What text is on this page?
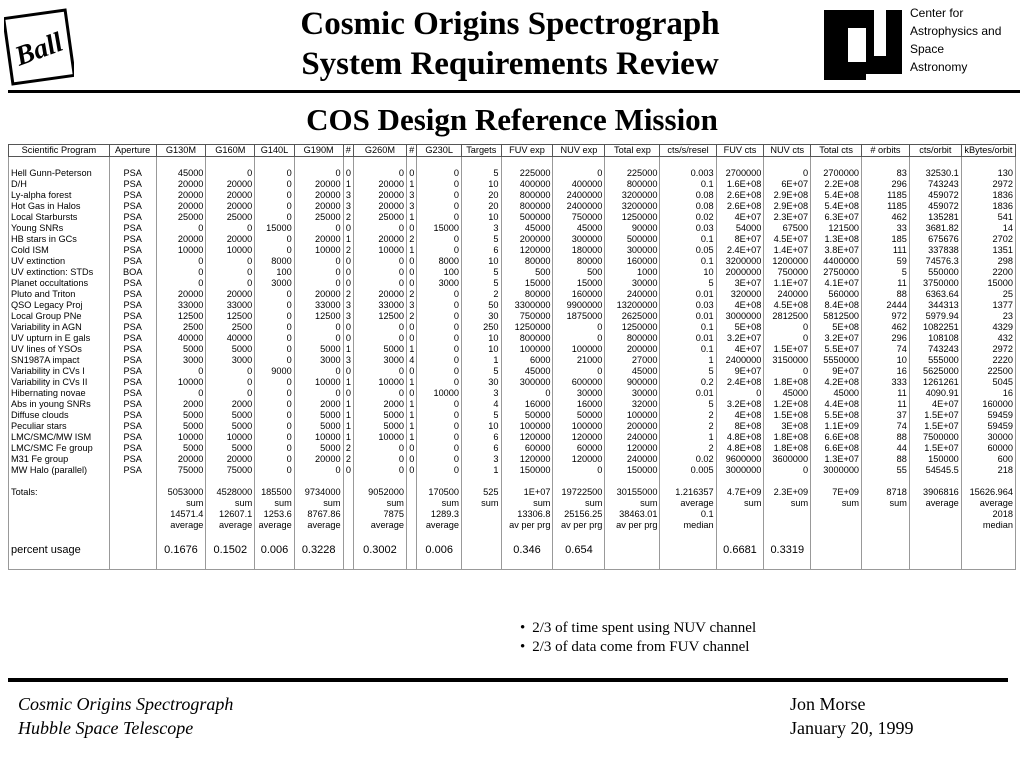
Ball
Cosmic Origins Spectrograph
System Requirements Review
Center for
Astrophysics and
Space
Astronomy
COS Design Reference Mission
Scientific Program	Aperture	G130M	G160M	G140L	G190M	#	G260M	#	G230L	Targets	FUV exp	NUV exp	Total exp	cts/s/resel	FUV cts	NUV cts	Total cts	# orbits	cts/orbit	kBytes/orbit

Hell Gunn-Peterson	PSA	45000	0	0	0	0	0	0	0	5	225000	0	225000	0.003	2700000	0	2700000	83	32530.1	130
D/H	PSA	20000	20000	0	20000	1	20000	1	0	10	400000	400000	800000	0.1	1.6E+08	6E+07	2.2E+08	296	743243	2972
Ly-alpha forest	PSA	20000	20000	0	20000	3	20000	3	0	20	800000	2400000	3200000	0.08	2.6E+08	2.9E+08	5.4E+08	1185	459072	1836
Hot Gas in Halos	PSA	20000	20000	0	20000	3	20000	3	0	20	800000	2400000	3200000	0.08	2.6E+08	2.9E+08	5.4E+08	1185	459072	1836
Local Starbursts	PSA	25000	25000	0	25000	2	25000	1	0	10	500000	750000	1250000	0.02	4E+07	2.3E+07	6.3E+07	462	135281	541
Young SNRs	PSA	0	0	15000	0	0	0	0	15000	3	45000	45000	90000	0.03	54000	67500	121500	33	3681.82	14
HB stars in GCs	PSA	20000	20000	0	20000	1	20000	2	0	5	200000	300000	500000	0.1	8E+07	4.5E+07	1.3E+08	185	675676	2702
Cold ISM	PSA	10000	10000	0	10000	2	10000	1	0	6	120000	180000	300000	0.05	2.4E+07	1.4E+07	3.8E+07	111	337838	1351
UV extinction	PSA	0	0	8000	0	0	0	0	8000	10	80000	80000	160000	0.1	3200000	1200000	4400000	59	74576.3	298
UV extinction: STDs	BOA	0	0	100	0	0	0	0	100	5	500	500	1000	10	2000000	750000	2750000	5	550000	2200
Planet occultations	PSA	0	0	3000	0	0	0	0	3000	5	15000	15000	30000	5	3E+07	1.1E+07	4.1E+07	11	3750000	15000
Pluto and Triton	PSA	20000	20000	0	20000	2	20000	2	0	2	80000	160000	240000	0.01	320000	240000	560000	88	6363.64	25
QSO Legacy Proj	PSA	33000	33000	0	33000	3	33000	3	0	50	3300000	9900000	13200000	0.03	4E+08	4.5E+08	8.4E+08	2444	344313	1377
Local Group PNe	PSA	12500	12500	0	12500	3	12500	2	0	30	750000	1875000	2625000	0.01	3000000	2812500	5812500	972	5979.94	23
Variability in AGN	PSA	2500	2500	0	0	0	0	0	0	250	1250000	0	1250000	0.1	5E+08	0	5E+08	462	1082251	4329
UV upturn in E gals	PSA	40000	40000	0	0	0	0	0	0	10	800000	0	800000	0.01	3.2E+07	0	3.2E+07	296	108108	432
UV lines of YSOs	PSA	5000	5000	0	5000	1	5000	1	0	10	100000	100000	200000	0.1	4E+07	1.5E+07	5.5E+07	74	743243	2972
SN1987A impact	PSA	3000	3000	0	3000	3	3000	4	0	1	6000	21000	27000	1	2400000	3150000	5550000	10	555000	2220
Variability in CVs I	PSA	0	0	9000	0	0	0	0	0	5	45000	0	45000	5	9E+07	0	9E+07	16	5625000	22500
Variability in CVs II	PSA	10000	0	0	10000	1	10000	1	0	30	300000	600000	900000	0.2	2.4E+08	1.8E+08	4.2E+08	333	1261261	5045
Hibernating novae	PSA	0	0	0	0	0	0	0	10000	3	0	30000	30000	0.01	0	45000	45000	11	4090.91	16
Abs in young SNRs	PSA	2000	2000	0	2000	1	2000	1	0	4	16000	16000	32000	5	3.2E+08	1.2E+08	4.4E+08	11	4E+07	160000
Diffuse clouds	PSA	5000	5000	0	5000	1	5000	1	0	5	50000	50000	100000	2	4E+08	1.5E+08	5.5E+08	37	1.5E+07	59459
Peculiar stars	PSA	5000	5000	0	5000	1	5000	1	0	10	100000	100000	200000	2	8E+08	3E+08	1.1E+09	74	1.5E+07	59459
LMC/SMC/MW ISM	PSA	10000	10000	0	10000	1	10000	1	0	6	120000	120000	240000	1	4.8E+08	1.8E+08	6.6E+08	88	7500000	30000
LMC/SMC Fe group	PSA	5000	5000	0	5000	2	0	0	0	6	60000	60000	120000	2	4.8E+08	1.8E+08	6.6E+08	44	1.5E+07	60000
M31 Fe group	PSA	20000	20000	0	20000	2	0	0	0	3	120000	120000	240000	0.02	9600000	3600000	1.3E+07	88	150000	600
MW Halo (parallel)	PSA	75000	75000	0	0	0	0	0	0	1	150000	0	150000	0.005	3000000	0	3000000	55	54545.5	218

Totals:		5053000	4528000	185500	9734000		9052000		170500	525	1E+07	19722500	30155000	1.216357	4.7E+09	2.3E+09	7E+09	8718	3906816	15626.964
		sum	sum	sum	sum		sum		sum	sum	sum	sum	sum	average	sum	sum	sum	sum	average	average
		14571.4	12607.1	1253.6	8767.86		7875		1289.3		13306.8	25156.25	38463.01	0.1						2018
		average	average	average	average		average		average		av per prg	av per prg	av per prg	median						median

percent usage		0.1676	0.1502	0.006	0.3228		0.3002		0.006		0.346	0.654			0.6681	0.3319				

• 2/3 of time spent using NUV channel
• 2/3 of data come from FUV channel
Cosmic Origins Spectrograph
Hubble Space Telescope
Jon Morse
January 20, 1999
